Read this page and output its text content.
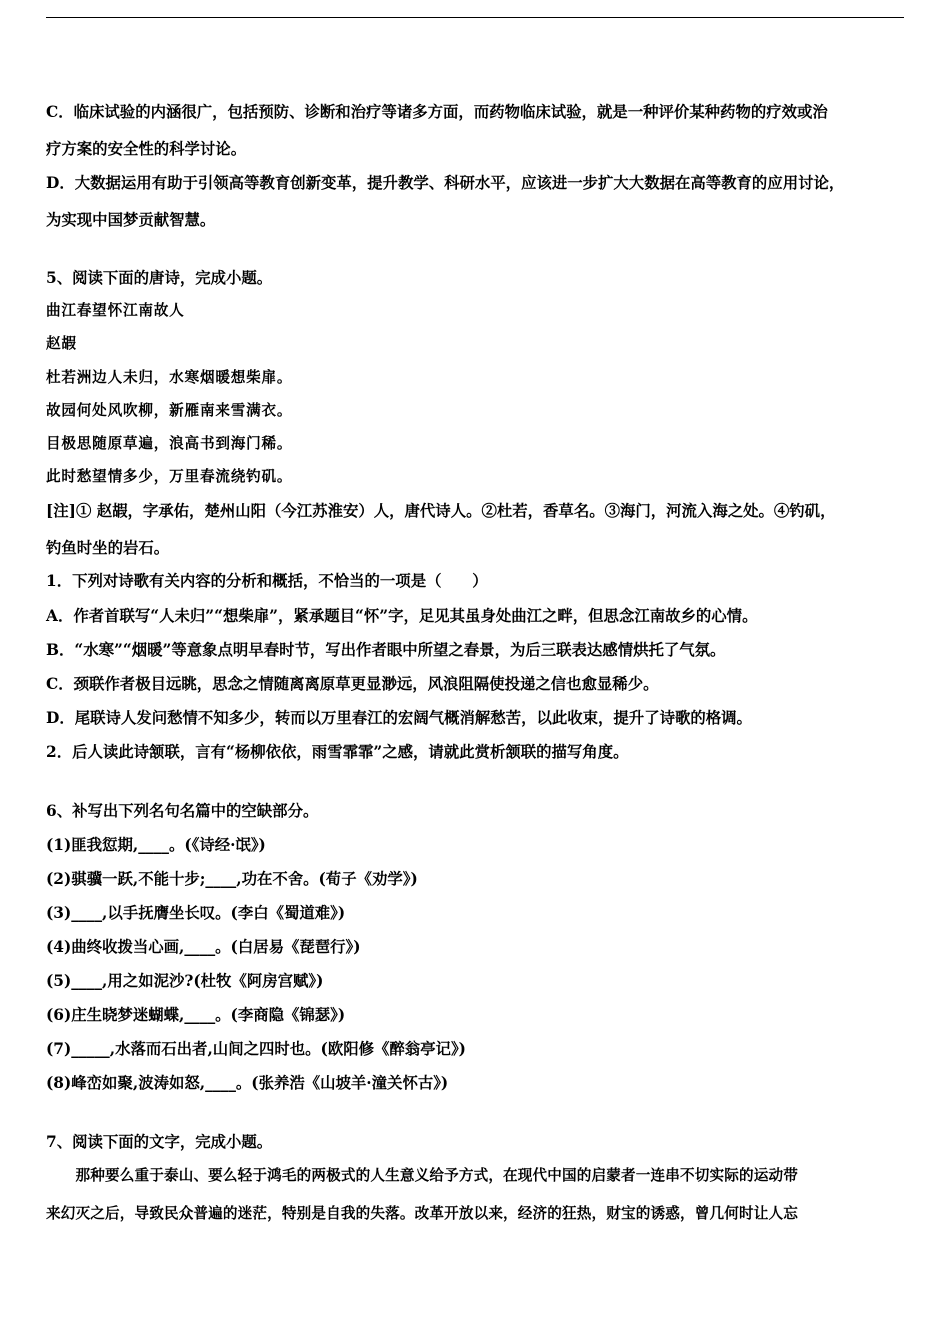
C．临床试验的内涵很广，包括预防、诊断和治疗等诸多方面，而药物临床试验，就是一种评价某种药物的疗效或治
疗方案的安全性的科学讨论。
D．大数据运用有助于引领高等教育创新变革，提升教学、科研水平，应该进一步扩大大数据在高等教育的应用讨论，
为实现中国梦贡献智慧。
5、阅读下面的唐诗，完成小题。
曲江春望怀江南故人
赵嘏
杜若洲边人未归，水寒烟暖想柴扉。
故园何处风吹柳，新雁南来雪满衣。
目极思随原草遍，浪高书到海门稀。
此时愁望情多少，万里春流绕钓矶。
[注]① 赵嘏，字承佑，楚州山阳（今江苏淮安）人，唐代诗人。②杜若，香草名。③海门，河流入海之处。④钓矶，
钓鱼时坐的岩石。
1．下列对诗歌有关内容的分析和概括，不恰当的一项是（　　）
A．作者首联写“人未归”“想柴扉”，紧承题目“怀”字，足见其虽身处曲江之畔，但思念江南故乡的心情。
B．“水寒”“烟暖”等意象点明早春时节，写出作者眼中所望之春景，为后三联表达感情烘托了气氛。
C．颈联作者极目远眺，思念之情随离离原草更显渺远，风浪阻隔使投递之信也愈显稀少。
D．尾联诗人发问愁情不知多少，转而以万里春江的宏阔气概消解愁苦，以此收束，提升了诗歌的格调。
2．后人读此诗颔联，言有“杨柳依依，雨雪霏霏”之感，请就此赏析颔联的描写角度。
6、补写出下列名句名篇中的空缺部分。
(1)匪我愆期,____。(《诗经·氓》)
(2)骐骥一跃,不能十步;____,功在不舍。(荀子《劝学》)
(3)____,以手抚膺坐长叹。(李白《蜀道难》)
(4)曲终收拨当心画,____。(白居易《琵琶行》)
(5)____,用之如泥沙?(杜牧《阿房宫赋》)
(6)庄生晓梦迷蝴蝶,____。(李商隐《锦瑟》)
(7)_____,水落而石出者,山间之四时也。(欧阳修《醉翁亭记》)
(8)峰峦如聚,波涛如怒,____。(张养浩《山坡羊·潼关怀古》)
7、阅读下面的文字，完成小题。
　　那种要么重于泰山、要么轻于鸿毛的两极式的人生意义给予方式，在现代中国的启蒙者一连串不切实际的运动带
来幻灭之后，导致民众普遍的迷茫，特别是自我的失落。改革开放以来，经济的狂热，财宝的诱惑，曾几何时让人忘
